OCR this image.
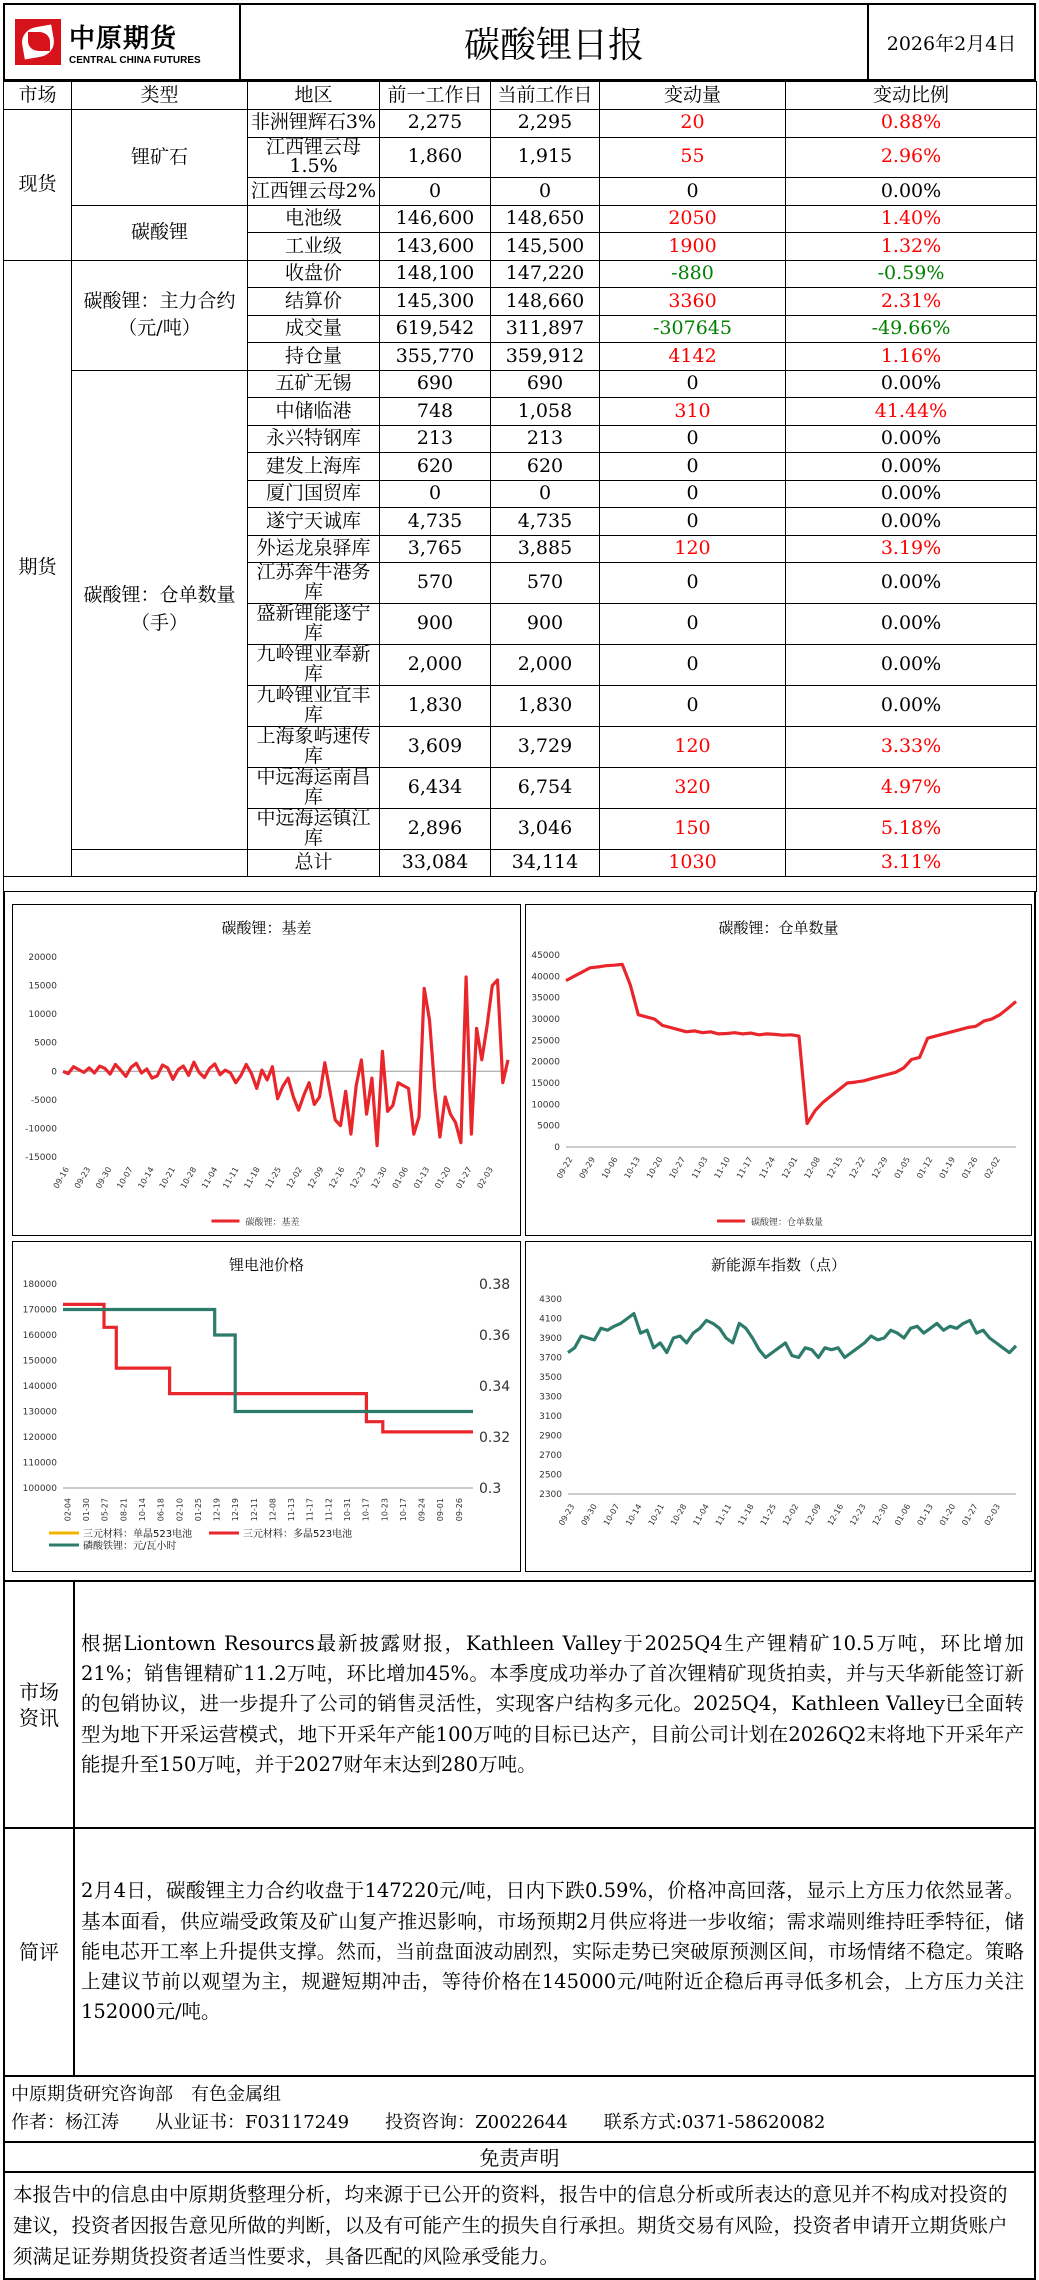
中原期货
CENTRAL CHINA FUTURES	碳酸锂日报	2026年2月4日
市场	类型	地区	前一工作日	当前工作日	变动量	变动比例
现货	锂矿石	非洲锂辉石3%	2,275	2,295	20	0.88%
		江西锂云母1.5%	1,860	1,915	55	2.96%
		江西锂云母2%	0	0	0	0.00%
	碳酸锂	电池级	146,600	148,650	2050	1.40%
		工业级	143,600	145,500	1900	1.32%
期货	碳酸锂：主力合约（元/吨）	收盘价	148,100	147,220	-880	-0.59%
		结算价	145,300	148,660	3360	2.31%
		成交量	619,542	311,897	-307645	-49.66%
		持仓量	355,770	359,912	4142	1.16%
	碳酸锂：仓单数量（手）	五矿无锡	690	690	0	0.00%
		中储临港	748	1,058	310	41.44%
		永兴特钢库	213	213	0	0.00%
		建发上海库	620	620	0	0.00%
		厦门国贸库	0	0	0	0.00%
		遂宁天诚库	4,735	4,735	0	0.00%
		外运龙泉驿库	3,765	3,885	120	3.19%
		江苏奔牛港务库	570	570	0	0.00%
		盛新锂能遂宁库	900	900	0	0.00%
		九岭锂业奉新库	2,000	2,000	0	0.00%
		九岭锂业宜丰库	1,830	1,830	0	0.00%
		上海象屿速传库	3,609	3,729	120	3.33%
		中远海运南昌库	6,434	6,754	320	4.97%
		中远海运镇江库	2,896	3,046	150	5.18%
		总计	33,084	34,114	1030	3.11%

碳酸锂：基差
20000
15000
10000
5000
0
-5000
-10000
-15000
09-16 09-23 09-30 10-07 10-14 10-21 10-28 11-04 11-11 11-18 11-25 12-02 12-09 12-16 12-23 12-30 01-06 01-13 01-20 01-27 02-03
碳酸锂：基差
碳酸锂：仓单数量
45000
40000
35000
30000
25000
20000
15000
10000
5000
0
09-22 09-29 10-06 10-13 10-20 10-27 11-03 11-10 11-17 11-24 12-01 12-08 12-15 12-22 12-29 01-05 01-12 01-19 01-26 02-02
碳酸锂：仓单数量
锂电池价格
180000
170000
160000
150000
140000
130000
120000
110000
100000
0.38
0.36
0.34
0.32
0.3
02-04 01-30 05-27 08-21 10-14 06-18 02-10 01-25 12-19 12-19 12-11 12-08 11-13 11-17 11-12 10-31 10-17 10-23 10-17 09-24 09-01 09-26
三元材料：单晶523电池	三元材料：多晶523电池
磷酸铁锂：元/瓦小时
新能源车指数（点）
4300
4100
3900
3700
3500
3300
3100
2900
2700
2500
2300
09-23 09-30 10-07 10-14 10-21 10-28 11-04 11-11 11-18 11-25 12-02 12-09 12-16 12-23 12-30 01-06 01-13 01-20 01-27 02-03
市场资讯
根据Liontown Resourcs最新披露财报，Kathleen Valley于2025Q4生产锂精矿10.5万吨，环比增加21%；销售锂精矿11.2万吨，环比增加45%。本季度成功举办了首次锂精矿现货拍卖，并与天华新能签订新的包销协议，进一步提升了公司的销售灵活性，实现客户结构多元化。2025Q4，Kathleen Valley已全面转型为地下开采运营模式，地下开采年产能100万吨的目标已达产，目前公司计划在2026Q2末将地下开采年产能提升至150万吨，并于2027财年末达到280万吨。
简评
2月4日，碳酸锂主力合约收盘于147220元/吨，日内下跌0.59%，价格冲高回落，显示上方压力依然显著。基本面看，供应端受政策及矿山复产推迟影响，市场预期2月供应将进一步收缩；需求端则维持旺季特征，储能电芯开工率上升提供支撑。然而，当前盘面波动剧烈，实际走势已突破原预测区间，市场情绪不稳定。策略上建议节前以观望为主，规避短期冲击，等待价格在145000元/吨附近企稳后再寻低多机会，上方压力关注152000元/吨。
中原期货研究咨询部　有色金属组
作者：杨江涛　　从业证书：F03117249　　投资咨询：Z0022644　　联系方式:0371-58620082
免责声明
本报告中的信息由中原期货整理分析，均来源于已公开的资料，报告中的信息分析或所表达的意见并不构成对投资的建议，投资者因报告意见所做的判断，以及有可能产生的损失自行承担。期货交易有风险，投资者申请开立期货账户须满足证券期货投资者适当性要求，具备匹配的风险承受能力。
